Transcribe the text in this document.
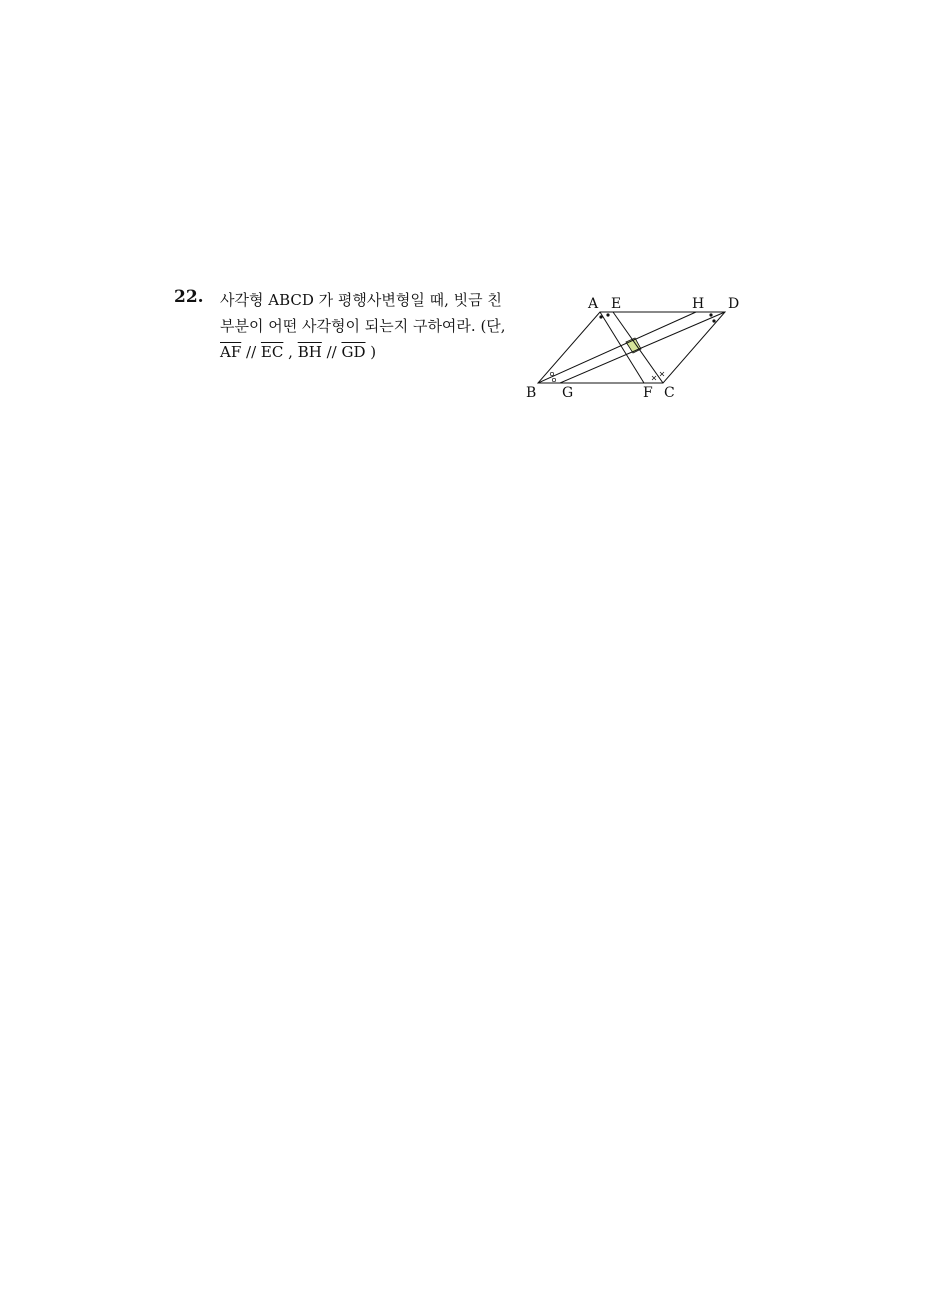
22. 사각형 ABCD 가 평행사변형일 때, 빗금 친
부분이 어떤 사각형이 되는지 구하여라. (단,
$\overline{AF} // \overline{EC}$ , $\overline{BH} // \overline{GD}$ )
A E	H D
B G	F C
